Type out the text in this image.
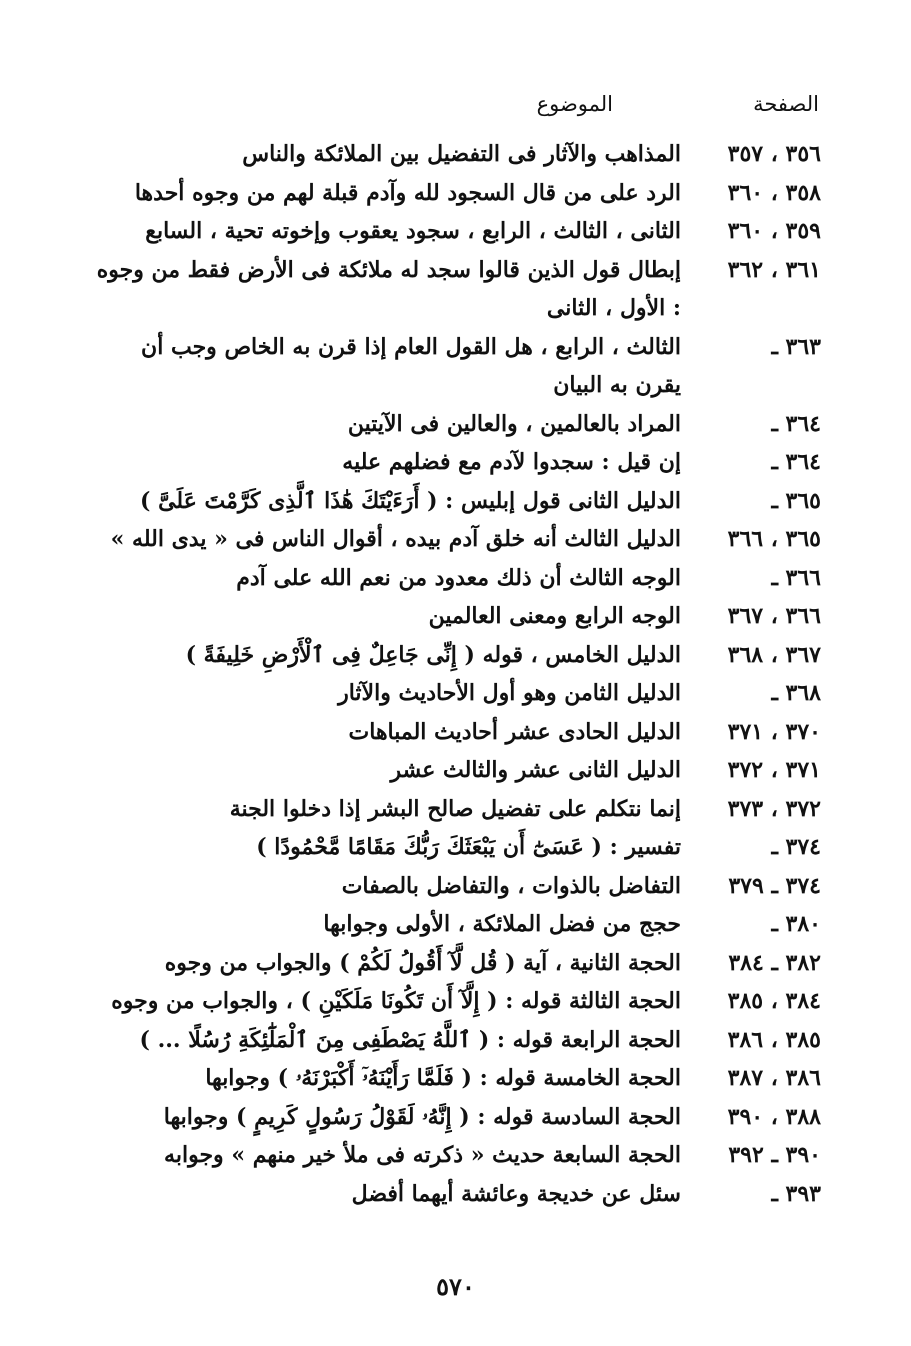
الصفحة
الموضوع
٣٥٦ ، ٣٥٧
المذاهب والآثار فى التفضيل بين الملائكة والناس
٣٥٨ ، ٣٦٠
الرد على من قال السجود لله وآدم قبلة لهم من وجوه أحدها
٣٥٩ ، ٣٦٠
الثانى ، الثالث ، الرابع ، سجود يعقوب وإخوته تحية ، السابع
٣٦١ ، ٣٦٢
إبطال قول الذين قالوا سجد له ملائكة فى الأرض فقط من وجوه : الأول ، الثانى
٣٦٣ ـ
الثالث ، الرابع ، هل القول العام إذا قرن به الخاص وجب أن يقرن به البيان
٣٦٤ ـ
المراد بالعالمين ، والعالين فى الآيتين
٣٦٤ ـ
إن قيل : سجدوا لآدم مع فضلهم عليه
٣٦٥ ـ
الدليل الثانى قول إبليس : ( أَرَءَيْتَكَ هَٰذَا ٱلَّذِى كَرَّمْتَ عَلَىَّ )
٣٦٥ ، ٣٦٦
الدليل الثالث أنه خلق آدم بيده ، أقوال الناس فى « يدى الله »
٣٦٦ ـ
الوجه الثالث أن ذلك معدود من نعم الله على آدم
٣٦٦ ، ٣٦٧
الوجه الرابع ومعنى العالمين
٣٦٧ ، ٣٦٨
الدليل الخامس ، قوله ( إِنِّى جَاعِلٌ فِى ٱلْأَرْضِ خَلِيفَةً )
٣٦٨ ـ
الدليل الثامن وهو أول الأحاديث والآثار
٣٧٠ ، ٣٧١
الدليل الحادى عشر أحاديث المباهات
٣٧١ ، ٣٧٢
الدليل الثانى عشر والثالث عشر
٣٧٢ ، ٣٧٣
إنما نتكلم على تفضيل صالح البشر إذا دخلوا الجنة
٣٧٤ ـ
تفسير : ( عَسَىٰٓ أَن يَبْعَثَكَ رَبُّكَ مَقَامًا مَّحْمُودًا )
٣٧٤ ـ ٣٧٩
التفاضل بالذوات ، والتفاضل بالصفات
٣٨٠ ـ
حجج من فضل الملائكة ، الأولى وجوابها
٣٨٢ ـ ٣٨٤
الحجة الثانية ، آية ( قُل لَّآ أَقُولُ لَكُمْ ) والجواب من وجوه
٣٨٤ ، ٣٨٥
الحجة الثالثة قوله : ( إِلَّآ أَن تَكُونَا مَلَكَيْنِ ) ، والجواب من وجوه
٣٨٥ ، ٣٨٦
الحجة الرابعة قوله : ( ٱللَّهُ يَصْطَفِى مِنَ ٱلْمَلَٰٓئِكَةِ رُسُلًا ... )
٣٨٦ ، ٣٨٧
الحجة الخامسة قوله : ( فَلَمَّا رَأَيْنَهُۥٓ أَكْبَرْنَهُۥ ) وجوابها
٣٨٨ ، ٣٩٠
الحجة السادسة قوله : ( إِنَّهُۥ لَقَوْلُ رَسُولٍ كَرِيمٍ ) وجوابها
٣٩٠ ـ ٣٩٢
الحجة السابعة حديث « ذكرته فى ملأ خير منهم » وجوابه
٣٩٣ ـ
سئل عن خديجة وعائشة أيهما أفضل
٥٧٠
